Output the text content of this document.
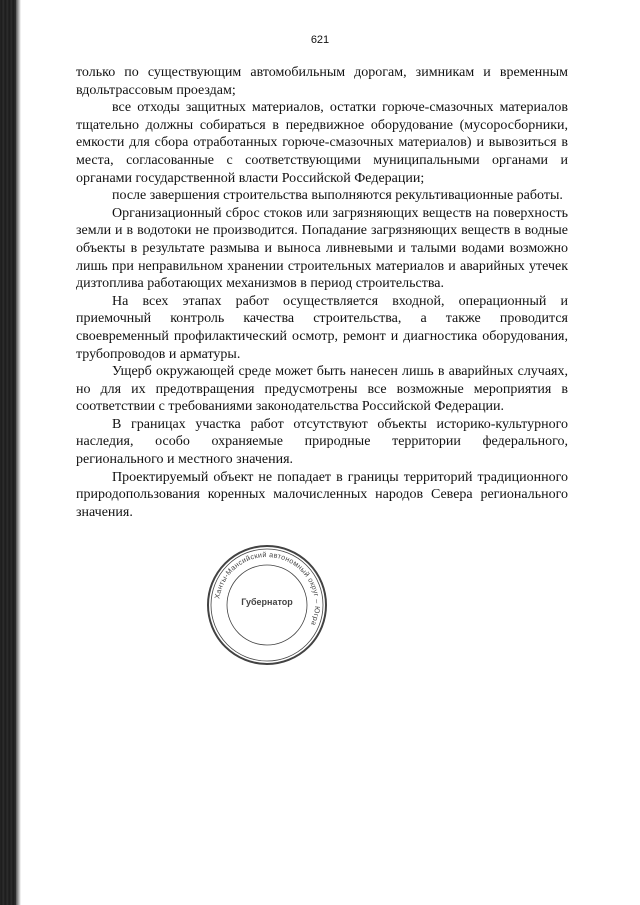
621

только по существующим автомобильным дорогам, зимникам и временным вдольтрассовым проездам;

все отходы защитных материалов, остатки горюче-смазочных материалов тщательно должны собираться в передвижное оборудование (мусоросборники, емкости для сбора отработанных горюче-смазочных материалов) и вывозиться в места, согласованные с соответствующими муниципальными органами и органами государственной власти Российской Федерации;

после завершения строительства выполняются рекультивационные работы.

Организационный сброс стоков или загрязняющих веществ на поверхность земли и в водотоки не производится. Попадание загрязняющих веществ в водные объекты в результате размыва и выноса ливневыми и талыми водами возможно лишь при неправильном хранении строительных материалов и аварийных утечек дизтоплива работающих механизмов в период строительства.

На всех этапах работ осуществляется входной, операционный и приемочный контроль качества строительства, а также проводится своевременный профилактический осмотр, ремонт и диагностика оборудования, трубопроводов и арматуры.

Ущерб окружающей среде может быть нанесен лишь в аварийных случаях, но для их предотвращения предусмотрены все возможные мероприятия в соответствии с требованиями законодательства Российской Федерации.

В границах участка работ отсутствуют объекты историко-культурного наследия, особо охраняемые природные территории федерального, регионального и местного значения.

Проектируемый объект не попадает в границы территорий традиционного природопользования коренных малочисленных народов Севера регионального значения.

Ханты-Мансийский автономный округ – Югра
Губернатор
